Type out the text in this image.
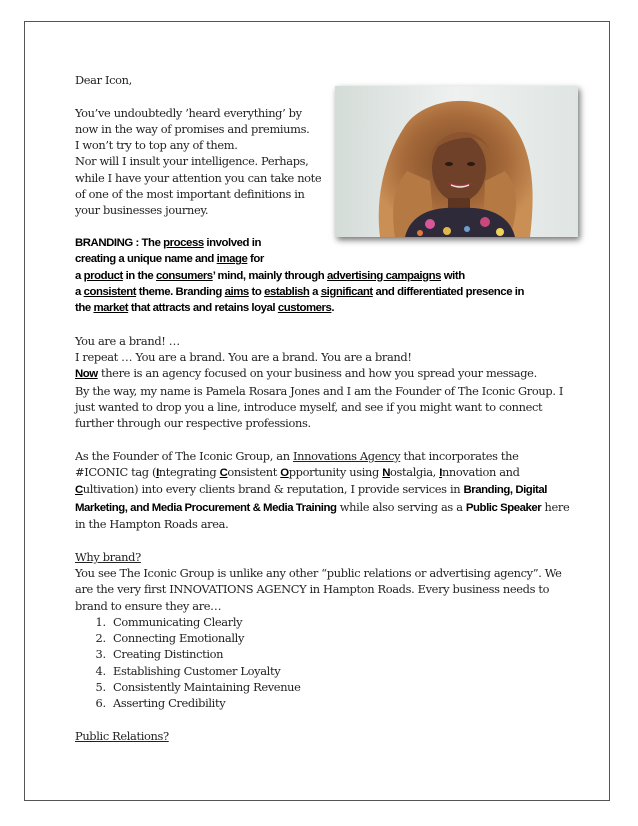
Dear Icon,

You’ve undoubtedly ’heard everything’ by

now in the way of promises and premiums.

I won’t try to top any of them.

Nor will I insult your intelligence. Perhaps,

while I have your attention you can take note

of one of the most important definitions in

your businesses journey.

BRANDING : The process involved in

creating a unique name and image for

a product in the consumers’ mind, mainly through advertising campaigns with

a consistent theme. Branding aims to establish a significant and differentiated presence in

the market that attracts and retains loyal customers.

You are a brand! …

I repeat … You are a brand. You are a brand. You are a brand!

Now there is an agency focused on your business and how you spread your message.

By the way, my name is Pamela Rosara Jones and I am the Founder of The Iconic Group. I just wanted to drop you a line, introduce myself, and see if you might want to connect further through our respective professions.

As the Founder of The Iconic Group, an Innovations Agency that incorporates the #ICONIC tag (Integrating Consistent Opportunity using Nostalgia, Innovation and Cultivation) into every clients brand & reputation, I provide services in Branding, Digital Marketing, and Media Procurement & Media Training while also serving as a Public Speaker here in the Hampton Roads area.

Why brand?

You see The Iconic Group is unlike any other “public relations or advertising agency”. We are the very first INNOVATIONS AGENCY in Hampton Roads. Every business needs to brand to ensure they are…

1. Communicating Clearly
2. Connecting Emotionally
3. Creating Distinction
4. Establishing Customer Loyalty
5. Consistently Maintaining Revenue
6. Asserting Credibility

Public Relations?
